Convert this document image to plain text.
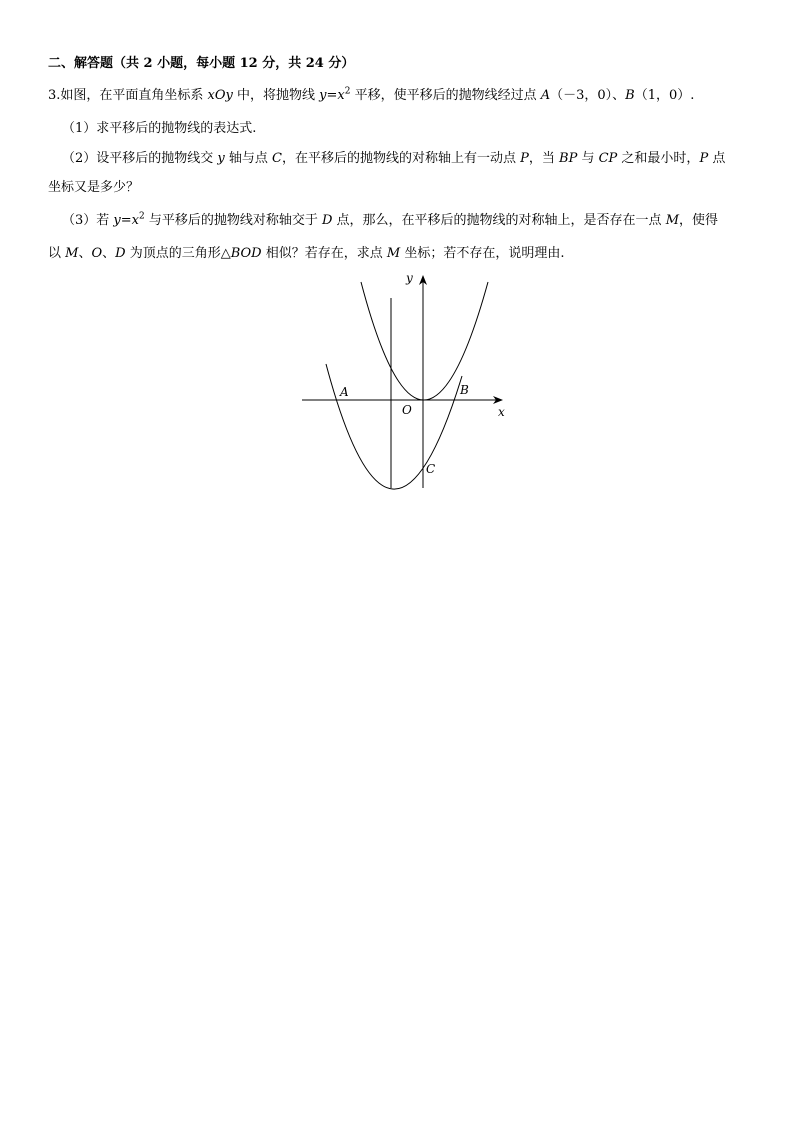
二、解答题（共 2 小题，每小题 12 分，共 24 分）
3.如图，在平面直角坐标系 xOy 中，将抛物线 $y=x^2$ 平移，使平移后的抛物线经过点 A（－3，0）、B（1，0）.
（1）求平移后的抛物线的表达式.
（2）设平移后的抛物线交 y 轴与点 C，在平移后的抛物线的对称轴上有一动点 P，当 BP 与 CP 之和最小时，P 点
坐标又是多少？
（3）若 $y=x^2$ 与平移后的抛物线对称轴交于 D 点，那么，在平移后的抛物线的对称轴上，是否存在一点 M，使得
以 M、O、D 为顶点的三角形△BOD 相似？若存在，求点 M 坐标；若不存在，说明理由.
y
x
O
A	B
C
